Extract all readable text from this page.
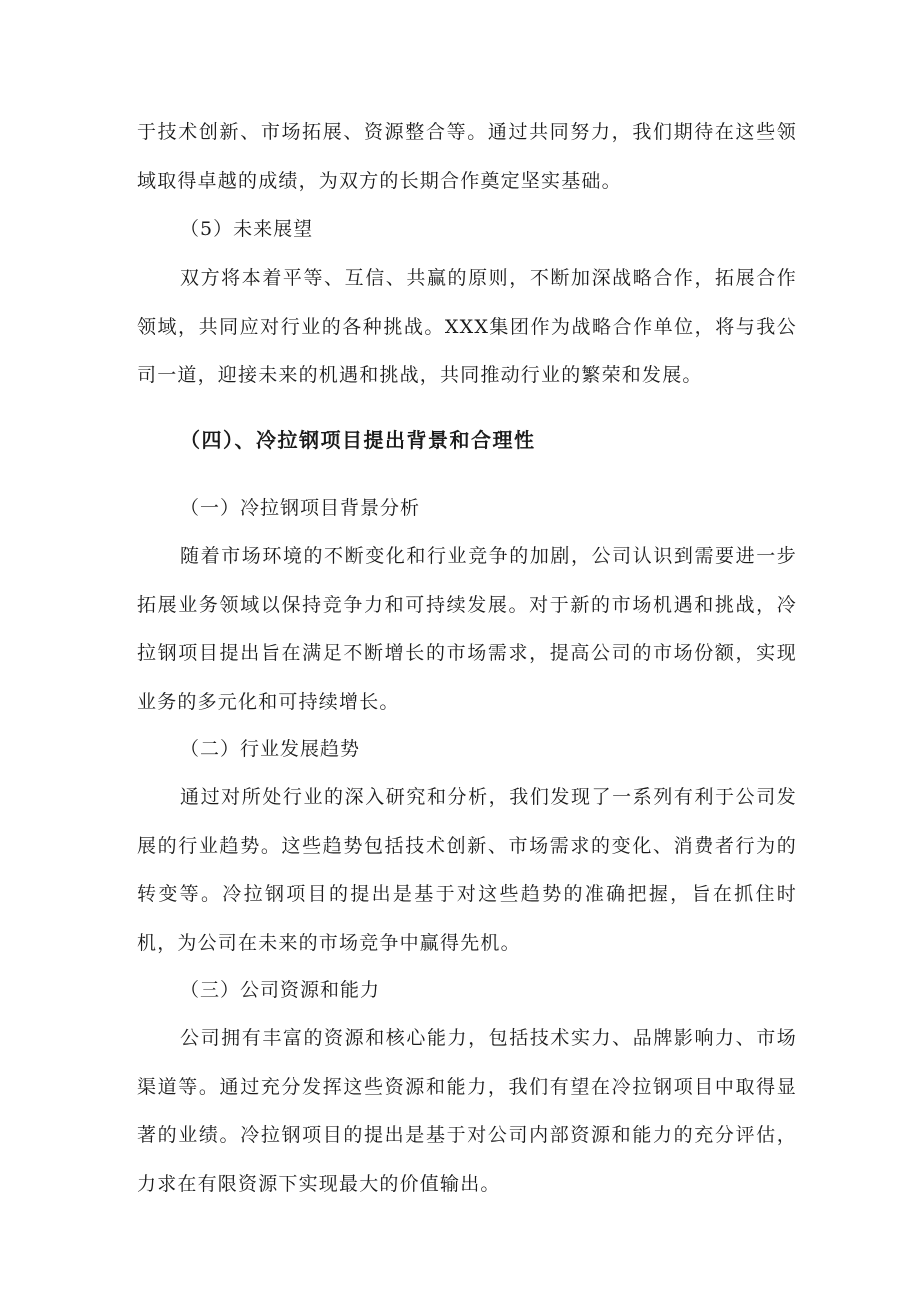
于技术创新、市场拓展、资源整合等。通过共同努力，我们期待在这些领域取得卓越的成绩，为双方的长期合作奠定坚实基础。

（5）未来展望

双方将本着平等、互信、共赢的原则，不断加深战略合作，拓展合作领域，共同应对行业的各种挑战。XXX集团作为战略合作单位，将与我公司一道，迎接未来的机遇和挑战，共同推动行业的繁荣和发展。

（四）、冷拉钢项目提出背景和合理性

（一）冷拉钢项目背景分析

随着市场环境的不断变化和行业竞争的加剧，公司认识到需要进一步拓展业务领域以保持竞争力和可持续发展。对于新的市场机遇和挑战，冷拉钢项目提出旨在满足不断增长的市场需求，提高公司的市场份额，实现业务的多元化和可持续增长。

（二）行业发展趋势

通过对所处行业的深入研究和分析，我们发现了一系列有利于公司发展的行业趋势。这些趋势包括技术创新、市场需求的变化、消费者行为的转变等。冷拉钢项目的提出是基于对这些趋势的准确把握，旨在抓住时机，为公司在未来的市场竞争中赢得先机。

（三）公司资源和能力

公司拥有丰富的资源和核心能力，包括技术实力、品牌影响力、市场渠道等。通过充分发挥这些资源和能力，我们有望在冷拉钢项目中取得显著的业绩。冷拉钢项目的提出是基于对公司内部资源和能力的充分评估，力求在有限资源下实现最大的价值输出。
